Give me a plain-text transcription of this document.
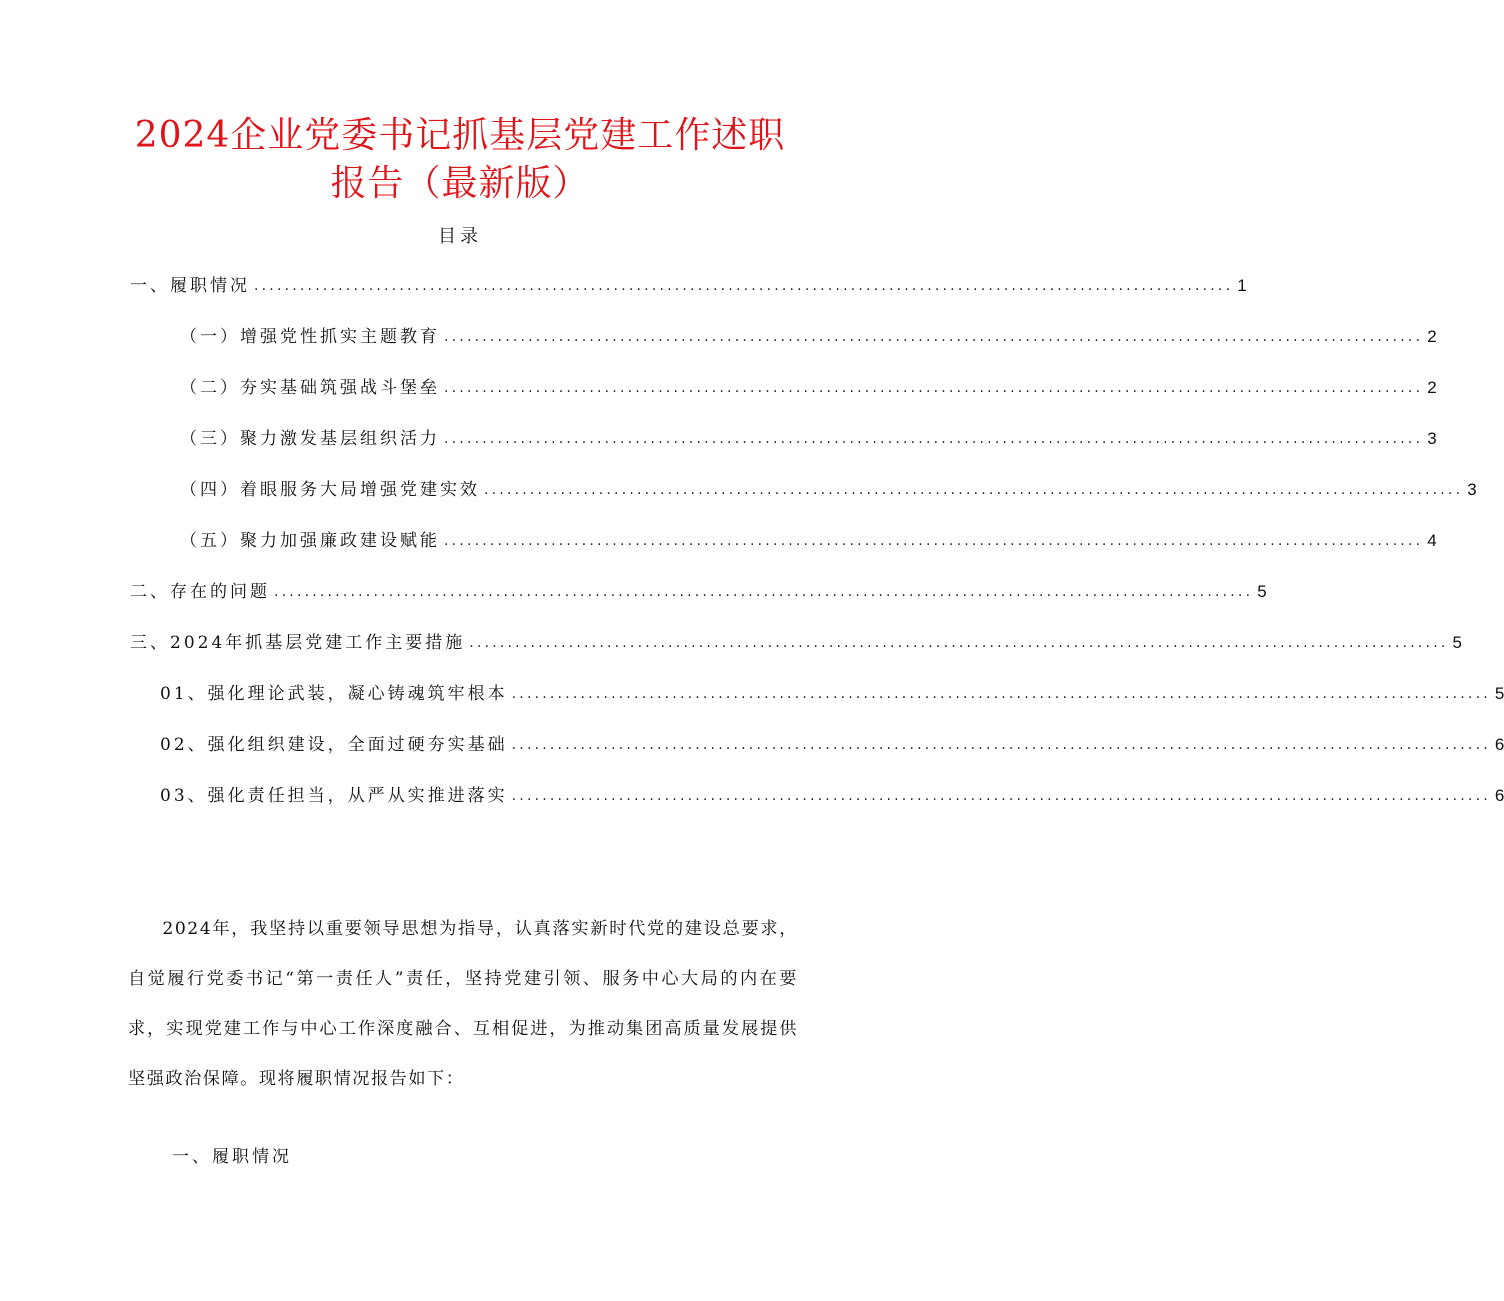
2024企业党委书记抓基层党建工作述职
报告（最新版）
目录
一、履职情况 ................................................................................................................................ 1
（一）增强党性抓实主题教育 ................................................................................................................................ 2
（二）夯实基础筑强战斗堡垒 ................................................................................................................................ 2
（三）聚力激发基层组织活力 ................................................................................................................................ 3
（四）着眼服务大局增强党建实效 ................................................................................................................................ 3
（五）聚力加强廉政建设赋能 ................................................................................................................................ 4
二、存在的问题 ................................................................................................................................ 5
三、2024年抓基层党建工作主要措施 ................................................................................................................................ 5
01、强化理论武装，凝心铸魂筑牢根本 ................................................................................................................................ 5
02、强化组织建设，全面过硬夯实基础 ................................................................................................................................ 6
03、强化责任担当，从严从实推进落实 ................................................................................................................................ 6

2024年，我坚持以重要领导思想为指导，认真落实新时代党的建设总要求，自觉履行党委书记“第一责任人”责任，坚持党建引领、服务中心大局的内在要求，实现党建工作与中心工作深度融合、互相促进，为推动集团高质量发展提供坚强政治保障。现将履职情况报告如下：

一、履职情况
